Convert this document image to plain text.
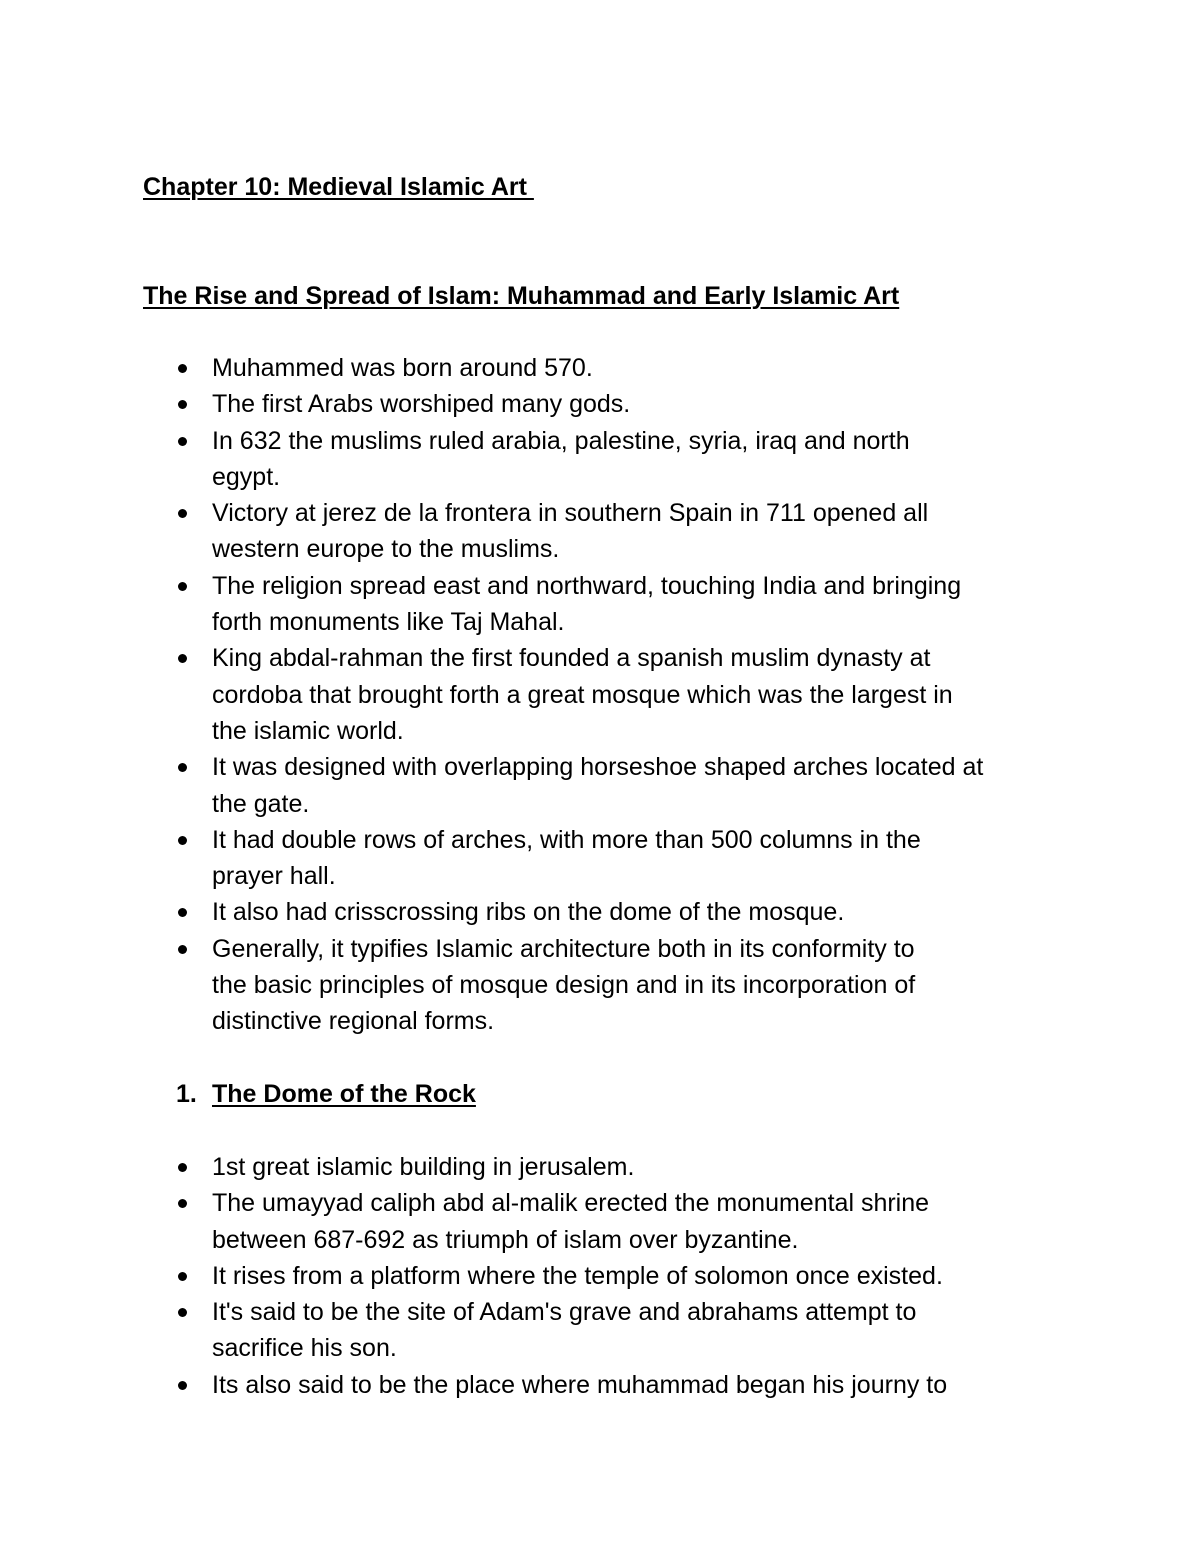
Chapter 10: Medieval Islamic Art
The Rise and Spread of Islam: Muhammad and Early Islamic Art
Muhammed was born around 570.
The first Arabs worshiped many gods.
In 632 the muslims ruled arabia, palestine, syria, iraq and north
egypt.
Victory at jerez de la frontera in southern Spain in 711 opened all
western europe to the muslims.
The religion spread east and northward, touching India and bringing
forth monuments like Taj Mahal.
King abdal-rahman the first founded a spanish muslim dynasty at
cordoba that brought forth a great mosque which was the largest in
the islamic world.
It was designed with overlapping horseshoe shaped arches located at
the gate.
It had double rows of arches, with more than 500 columns in the
prayer hall.
It also had crisscrossing ribs on the dome of the mosque.
Generally, it typifies Islamic architecture both in its conformity to
the basic principles of mosque design and in its incorporation of
distinctive regional forms.
1. The Dome of the Rock
1st great islamic building in jerusalem.
The umayyad caliph abd al-malik erected the monumental shrine
between 687-692 as triumph of islam over byzantine.
It rises from a platform where the temple of solomon once existed.
It's said to be the site of Adam's grave and abrahams attempt to
sacrifice his son.
Its also said to be the place where muhammad began his journy to
